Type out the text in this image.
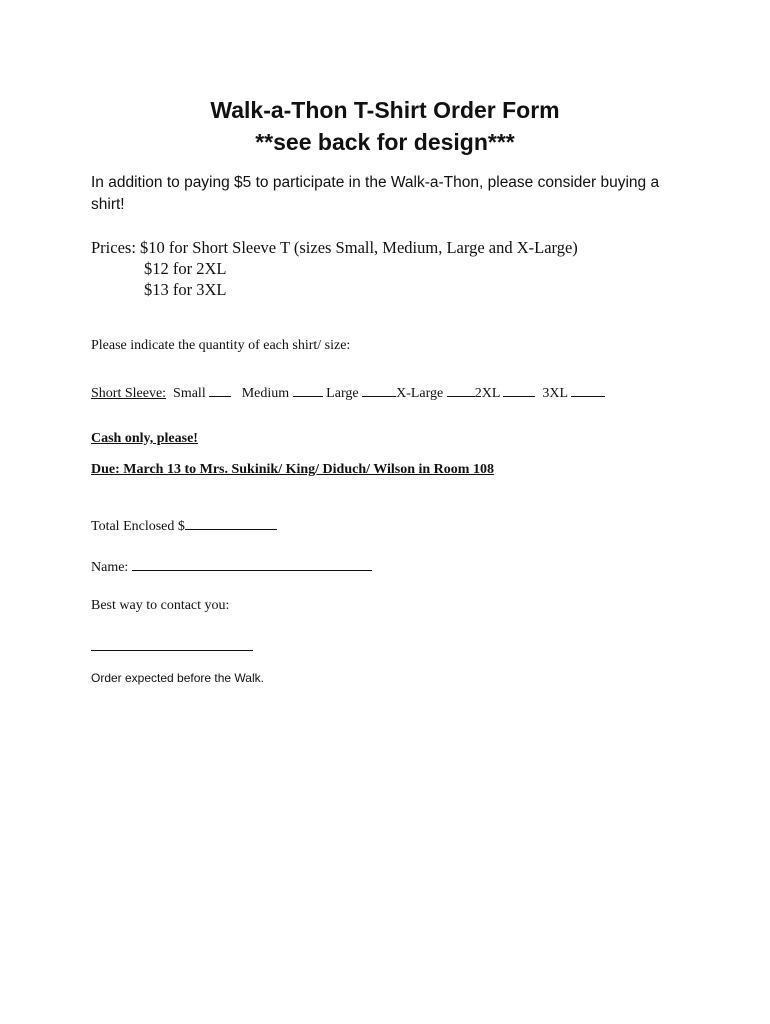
Walk-a-Thon T-Shirt Order Form
**see back for design***
In addition to paying $5 to participate in the Walk-a-Thon, please consider buying a shirt!
Prices: $10 for Short Sleeve T (sizes Small, Medium, Large and X-Large)
$12 for 2XL
$13 for 3XL
Please indicate the quantity of each shirt/ size:
Short Sleeve: Small	Medium	Large	X-Large 2XL	3XL
Cash only, please!
Due: March 13 to Mrs. Sukinik/ King/ Diduch/ Wilson in Room 108
Total Enclosed $
Name:
Best way to contact you:
Order expected before the Walk.
